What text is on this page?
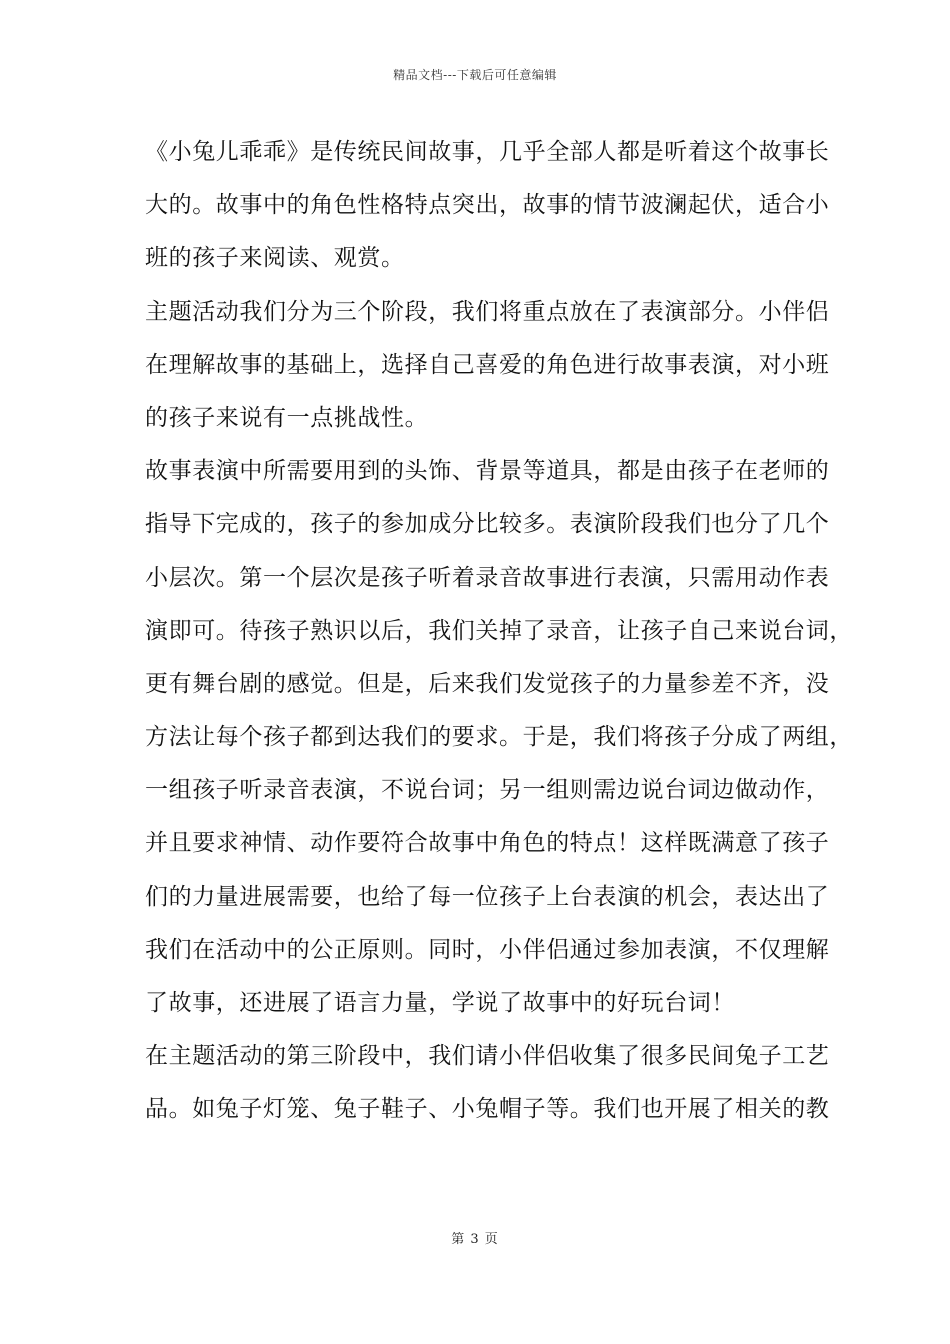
精品文档---下载后可任意编辑
《小兔儿乖乖》是传统民间故事，几乎全部人都是听着这个故事长
大的。故事中的角色性格特点突出，故事的情节波澜起伏，适合小
班的孩子来阅读、观赏。
主题活动我们分为三个阶段，我们将重点放在了表演部分。小伴侣
在理解故事的基础上，选择自己喜爱的角色进行故事表演，对小班
的孩子来说有一点挑战性。
故事表演中所需要用到的头饰、背景等道具，都是由孩子在老师的
指导下完成的，孩子的参加成分比较多。表演阶段我们也分了几个
小层次。第一个层次是孩子听着录音故事进行表演，只需用动作表
演即可。待孩子熟识以后，我们关掉了录音，让孩子自己来说台词，
更有舞台剧的感觉。但是，后来我们发觉孩子的力量参差不齐，没
方法让每个孩子都到达我们的要求。于是，我们将孩子分成了两组，
一组孩子听录音表演，不说台词；另一组则需边说台词边做动作，
并且要求神情、动作要符合故事中角色的特点！这样既满意了孩子
们的力量进展需要，也给了每一位孩子上台表演的机会，表达出了
我们在活动中的公正原则。同时，小伴侣通过参加表演，不仅理解
了故事，还进展了语言力量，学说了故事中的好玩台词！
在主题活动的第三阶段中，我们请小伴侣收集了很多民间兔子工艺
品。如兔子灯笼、兔子鞋子、小兔帽子等。我们也开展了相关的教
第 3 页
